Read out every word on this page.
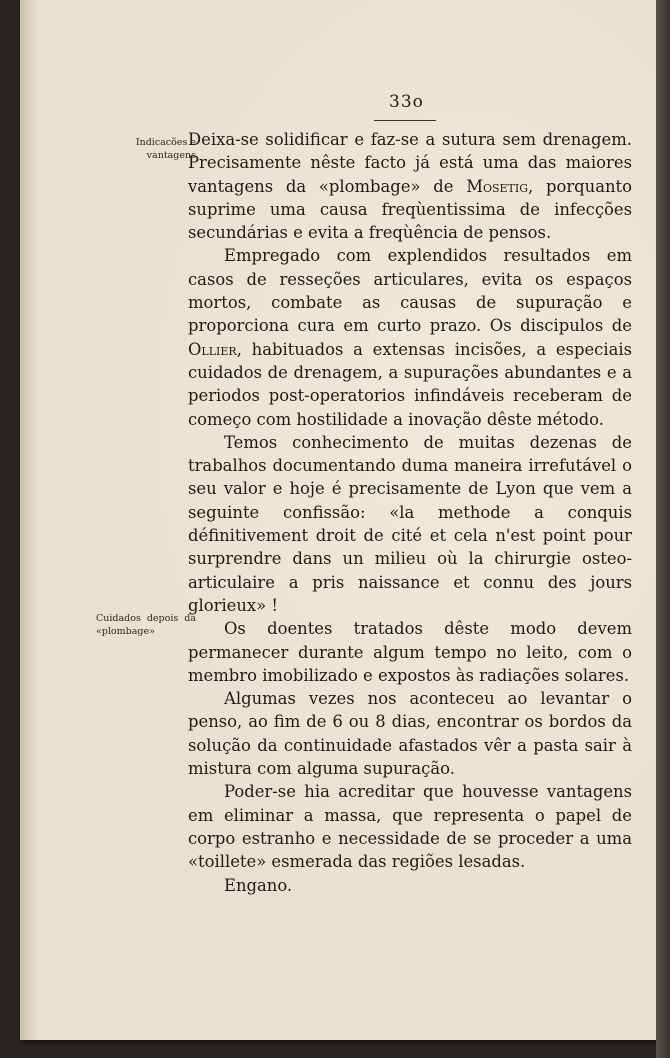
33o
Indicacões e vantagens
Cuidados depois da «plombage»

Deixa-se solidificar e faz-se a sutura sem drenagem. Precisamente nêste facto já está uma das maiores vantagens da «plombage» de Mosetig, porquanto suprime uma causa freqùentissima de infecções secundárias e evita a freqùência de pensos.

Empregado com explendidos resultados em casos de resseções articulares, evita os espaços mortos, combate as causas de supuração e proporciona cura em curto prazo. Os discipulos de Ollier, habituados a extensas incisões, a especiais cuidados de drenagem, a supurações abundantes e a periodos post-operatorios infindáveis receberam de começo com hostilidade a inovação dêste método.

Temos conhecimento de muitas dezenas de trabalhos documentando duma maneira irrefutável o seu valor e hoje é precisamente de Lyon que vem a seguinte confissão: «la methode a conquis définitivement droit de cité et cela n'est point pour surprendre dans un milieu où la chirurgie osteo-articulaire a pris naissance et connu des jours glorieux» !

Os doentes tratados dêste modo devem permanecer durante algum tempo no leito, com o membro imobilizado e expostos às radiações solares.

Algumas vezes nos aconteceu ao levantar o penso, ao fim de 6 ou 8 dias, encontrar os bordos da solução da continuidade afastados vêr a pasta sair à mistura com alguma supuração.

Poder-se hia acreditar que houvesse vantagens em eliminar a massa, que representa o papel de corpo estranho e necessidade de se proceder a uma «toillete» esmerada das regiões lesadas.

Engano.
